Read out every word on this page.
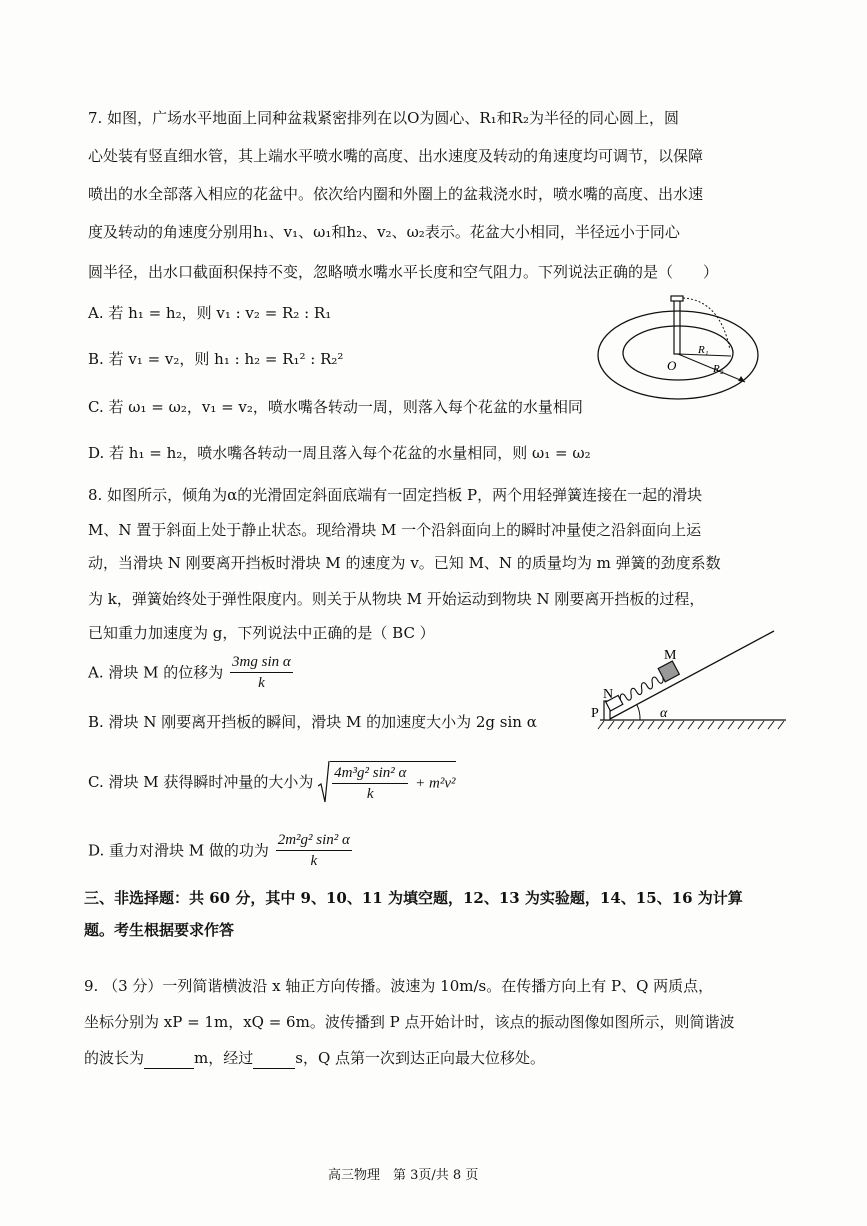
7. 如图，广场水平地面上同种盆栽紧密排列在以O为圆心、R₁和R₂为半径的同心圆上，圆
心处装有竖直细水管，其上端水平喷水嘴的高度、出水速度及转动的角速度均可调节，以保障
喷出的水全部落入相应的花盆中。依次给内圈和外圈上的盆栽浇水时，喷水嘴的高度、出水速
度及转动的角速度分别用h₁、v₁、ω₁和h₂、v₂、ω₂表示。花盆大小相同，半径远小于同心
圆半径，出水口截面积保持不变，忽略喷水嘴水平长度和空气阻力。下列说法正确的是（　　）
A. 若 h₁ = h₂，则 v₁ : v₂ = R₂ : R₁
B. 若 v₁ = v₂，则 h₁ : h₂ = R₁² : R₂²
C. 若 ω₁ = ω₂，v₁ = v₂，喷水嘴各转动一周，则落入每个花盆的水量相同
D. 若 h₁ = h₂，喷水嘴各转动一周且落入每个花盆的水量相同，则 ω₁ = ω₂
O
R₁
R₂
8. 如图所示，倾角为α的光滑固定斜面底端有一固定挡板 P，两个用轻弹簧连接在一起的滑块
M、N 置于斜面上处于静止状态。现给滑块 M 一个沿斜面向上的瞬时冲量使之沿斜面向上运
动，当滑块 N 刚要离开挡板时滑块 M 的速度为 v。已知 M、N 的质量均为 m 弹簧的劲度系数
为 k，弹簧始终处于弹性限度内。则关于从物块 M 开始运动到物块 N 刚要离开挡板的过程，
已知重力加速度为 g，下列说法中正确的是（ BC ）
A. 滑块 M 的位移为 $\frac{\text{3mg sin α}}{k}$
B. 滑块 N 刚要离开挡板的瞬间，滑块 M 的加速度大小为 2g sin α
C. 滑块 M 获得瞬时冲量的大小为 $\frac{\text{4m³g² sin² α}}{k} + m^2v^2$
D. 重力对滑块 M 做的功为 $\frac{\text{2m²g² sin² α}}{k}$
M
N
P	α
三、非选择题：共 60 分，其中 9、10、11 为填空题，12、13 为实验题，14、15、16 为计算
题。考生根据要求作答
9. （3 分）一列简谐横波沿 x 轴正方向传播。波速为 10m/s。在传播方向上有 P、Q 两质点，
坐标分别为 xP = 1m，xQ = 6m。波传播到 P 点开始计时，该点的振动图像如图所示，则简谐波
的波长为	m，经过	s，Q 点第一次到达正向最大位移处。
高三物理　第 3页/共 8 页
